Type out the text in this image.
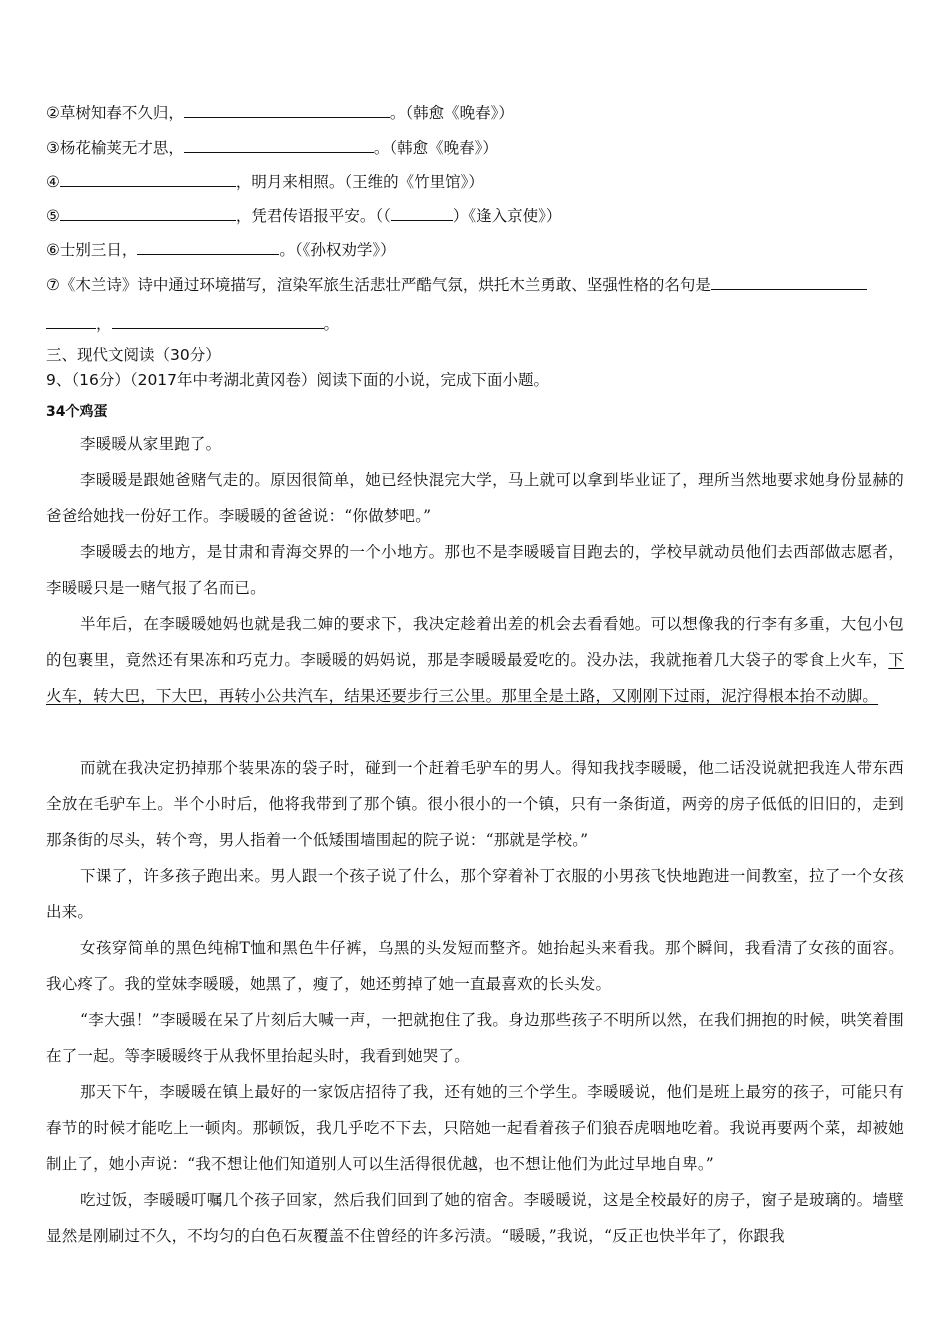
②草树知春不久归，	。（韩愈《晚春》）
③杨花榆荚无才思，	。（韩愈《晚春》）
④	，明月来相照。（王维的《竹里馆》）
⑤	，凭君传语报平安。（（	）《逢入京使》）
⑥士别三日，	。（《孙权劝学》）
⑦《木兰诗》诗中通过环境描写，渲染军旅生活悲壮严酷气氛，烘托木兰勇敢、坚强性格的名句是
，	。
三、现代文阅读（30分）
9、（16分）（2017年中考湖北黄冈卷）阅读下面的小说，完成下面小题。
34个鸡蛋
李暖暖从家里跑了。
李暖暖是跟她爸赌气走的。原因很简单，她已经快混完大学，马上就可以拿到毕业证了，理所当然地要求她身份显赫的爸爸给她找一份好工作。李暖暖的爸爸说：“你做梦吧。”
李暖暖去的地方，是甘肃和青海交界的一个小地方。那也不是李暖暖盲目跑去的，学校早就动员他们去西部做志愿者，李暖暖只是一赌气报了名而已。
半年后，在李暖暖她妈也就是我二婶的要求下，我决定趁着出差的机会去看看她。可以想像我的行李有多重，大包小包的包裹里，竟然还有果冻和巧克力。李暖暖的妈妈说，那是李暖暖最爱吃的。没办法，我就拖着几大袋子的零食上火车，下火车，转大巴，下大巴，再转小公共汽车，结果还要步行三公里。那里全是土路，又刚刚下过雨，泥泞得根本抬不动脚。
而就在我决定扔掉那个装果冻的袋子时，碰到一个赶着毛驴车的男人。得知我找李暖暖，他二话没说就把我连人带东西全放在毛驴车上。半个小时后，他将我带到了那个镇。很小很小的一个镇，只有一条街道，两旁的房子低低的旧旧的，走到那条街的尽头，转个弯，男人指着一个低矮围墙围起的院子说：“那就是学校。”
下课了，许多孩子跑出来。男人跟一个孩子说了什么，那个穿着补丁衣服的小男孩飞快地跑进一间教室，拉了一个女孩出来。
女孩穿简单的黑色纯棉T恤和黑色牛仔裤，乌黑的头发短而整齐。她抬起头来看我。那个瞬间，我看清了女孩的面容。我心疼了。我的堂妹李暖暖，她黑了，瘦了，她还剪掉了她一直最喜欢的长头发。
“李大强！”李暖暖在呆了片刻后大喊一声，一把就抱住了我。身边那些孩子不明所以然，在我们拥抱的时候，哄笑着围在了一起。等李暖暖终于从我怀里抬起头时，我看到她哭了。
那天下午，李暖暖在镇上最好的一家饭店招待了我，还有她的三个学生。李暖暖说，他们是班上最穷的孩子，可能只有春节的时候才能吃上一顿肉。那顿饭，我几乎吃不下去，只陪她一起看着孩子们狼吞虎咽地吃着。我说再要两个菜，却被她制止了，她小声说：“我不想让他们知道别人可以生活得很优越，也不想让他们为此过早地自卑。”
吃过饭，李暖暖叮嘱几个孩子回家，然后我们回到了她的宿舍。李暖暖说，这是全校最好的房子，窗子是玻璃的。墙壁显然是刚刷过不久，不均匀的白色石灰覆盖不住曾经的许多污渍。“暖暖，”我说，“反正也快半年了，你跟我
